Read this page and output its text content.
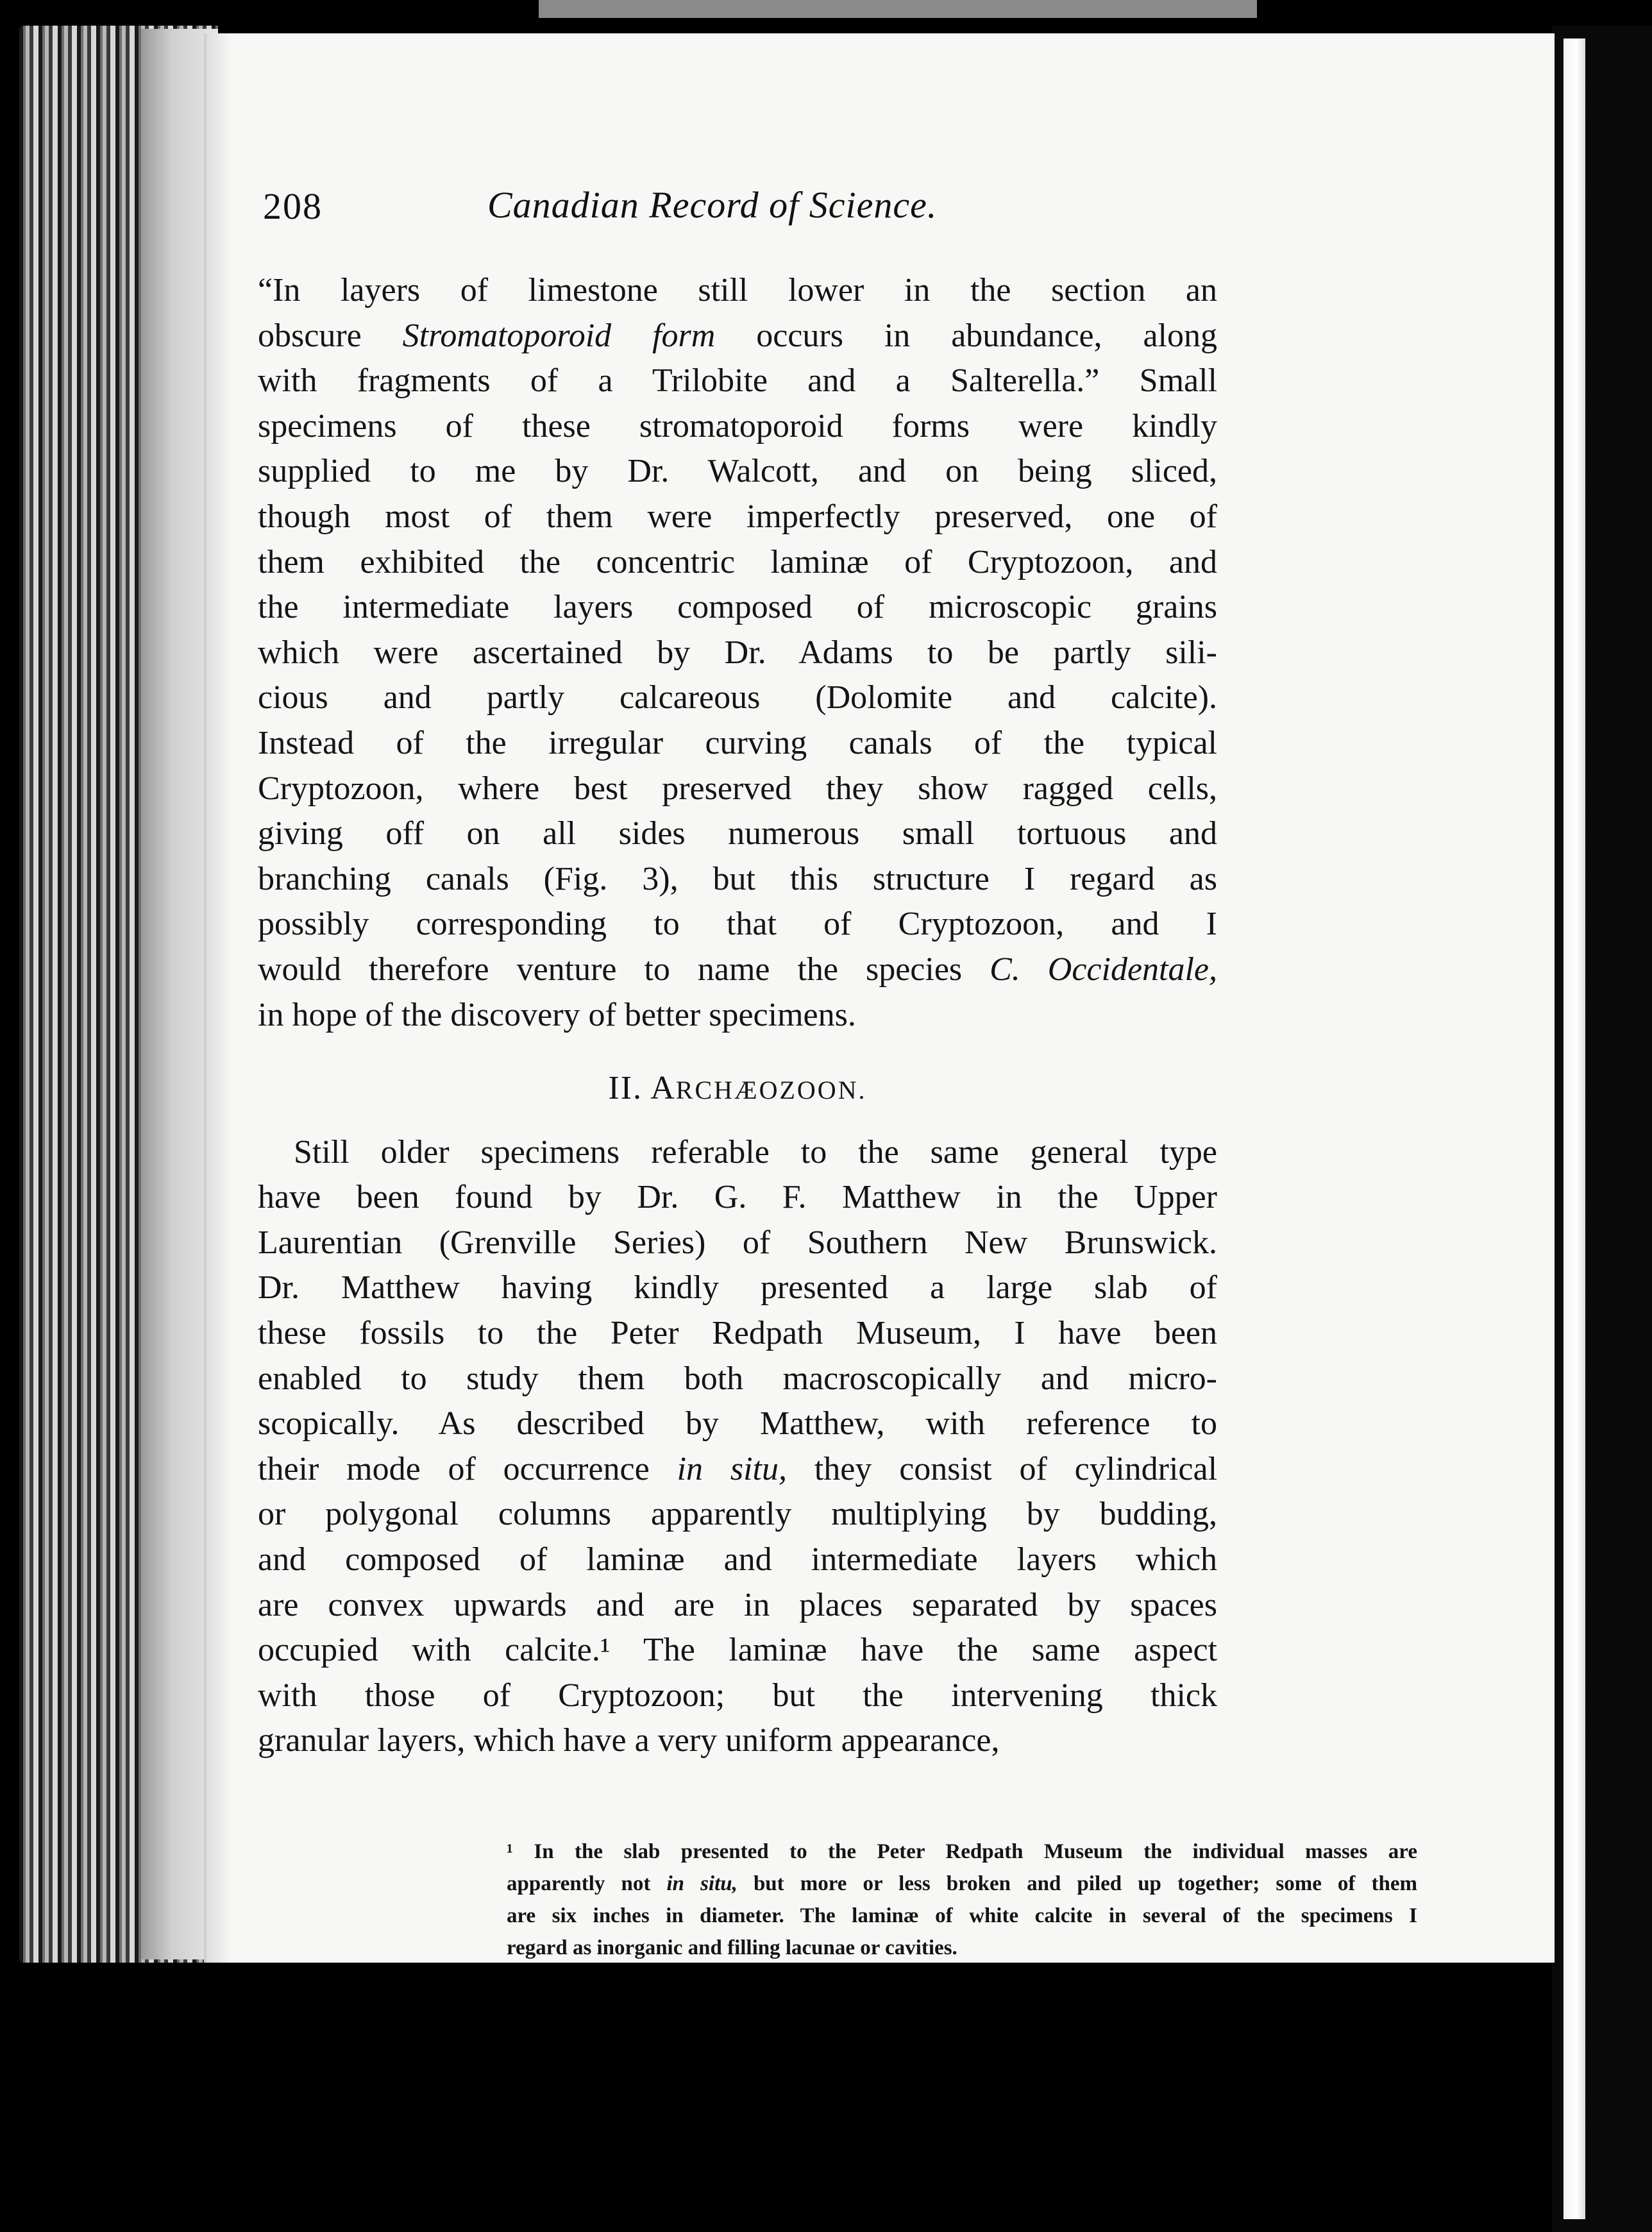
208	Canadian Record of Science.

“In layers of limestone still lower in the section an
obscure Stromatoporoid form occurs in abundance, along
with fragments of a Trilobite and a Salterella.” Small
specimens of these stromatoporoid forms were kindly
supplied to me by Dr. Walcott, and on being sliced,
though most of them were imperfectly preserved, one of
them exhibited the concentric laminæ of Cryptozoon, and
the intermediate layers composed of microscopic grains
which were ascertained by Dr. Adams to be partly sili-
cious and partly calcareous (Dolomite and calcite).
Instead of the irregular curving canals of the typical
Cryptozoon, where best preserved they show ragged cells,
giving off on all sides numerous small tortuous and
branching canals (Fig. 3), but this structure I regard as
possibly corresponding to that of Cryptozoon, and I
would therefore venture to name the species C. Occidentale,
in hope of the discovery of better specimens.

II. ARCHÆOZOON.

Still older specimens referable to the same general type
have been found by Dr. G. F. Matthew in the Upper
Laurentian (Grenville Series) of Southern New Brunswick.
Dr. Matthew having kindly presented a large slab of
these fossils to the Peter Redpath Museum, I have been
enabled to study them both macroscopically and micro-
scopically. As described by Matthew, with reference to
their mode of occurrence in situ, they consist of cylindrical
or polygonal columns apparently multiplying by budding,
and composed of laminæ and intermediate layers which
are convex upwards and are in places separated by spaces
occupied with calcite.¹ The laminæ have the same aspect
with those of Cryptozoon; but the intervening thick
granular layers, which have a very uniform appearance,

¹ In the slab presented to the Peter Redpath Museum the individual masses are
apparently not in situ, but more or less broken and piled up together; some of them
are six inches in diameter. The laminæ of white calcite in several of the specimens I
regard as inorganic and filling lacunae or cavities.
